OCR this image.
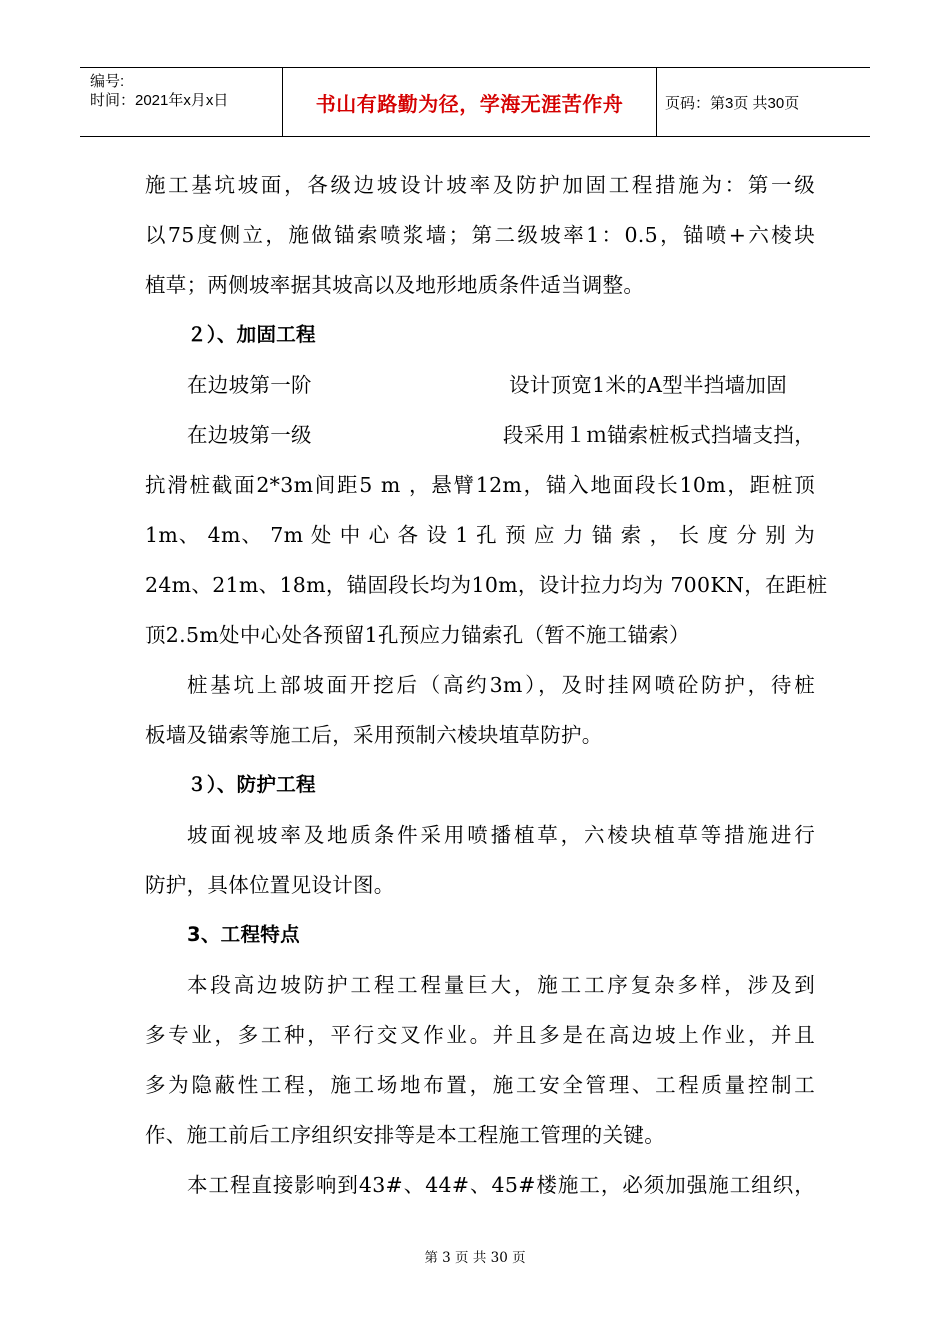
编号:
时间：2021年x月x日	书山有路勤为径，学海无涯苦作舟	页码：第3页 共30页
施工基坑坡面，各级边坡设计坡率及防护加固工程措施为：第一级
以75度侧立，施做锚索喷浆墙；第二级坡率1：0.5，锚喷+六棱块
植草；两侧坡率据其坡高以及地形地质条件适当调整。
２）、加固工程
在边坡第一阶	设计顶宽1米的A型半挡墙加固
在边坡第一级	段采用１ｍ锚索桩板式挡墙支挡，
抗滑桩截面2*3m间距5 m ，悬臂12m，锚入地面段长10m，距桩顶
1m、 4m、 7m 处 中 心 各 设 1 孔 预 应 力 锚 索 ， 长 度 分 别 为
24m、21m、18m，锚固段长均为10m，设计拉力均为 700KN，在距桩
顶2.5m处中心处各预留1孔预应力锚索孔（暂不施工锚索）
桩基坑上部坡面开挖后（高约3m），及时挂网喷砼防护，待桩
板墙及锚索等施工后，采用预制六棱块埴草防护。
３）、防护工程
坡面视坡率及地质条件采用喷播植草，六棱块植草等措施进行
防护，具体位置见设计图。
3、工程特点
本段高边坡防护工程工程量巨大，施工工序复杂多样，涉及到
多专业，多工种，平行交叉作业。并且多是在高边坡上作业，并且
多为隐蔽性工程，施工场地布置，施工安全管理、工程质量控制工
作、施工前后工序组织安排等是本工程施工管理的关键。
本工程直接影响到43#、44#、45#楼施工，必须加强施工组织，
第 3 页 共 30 页
